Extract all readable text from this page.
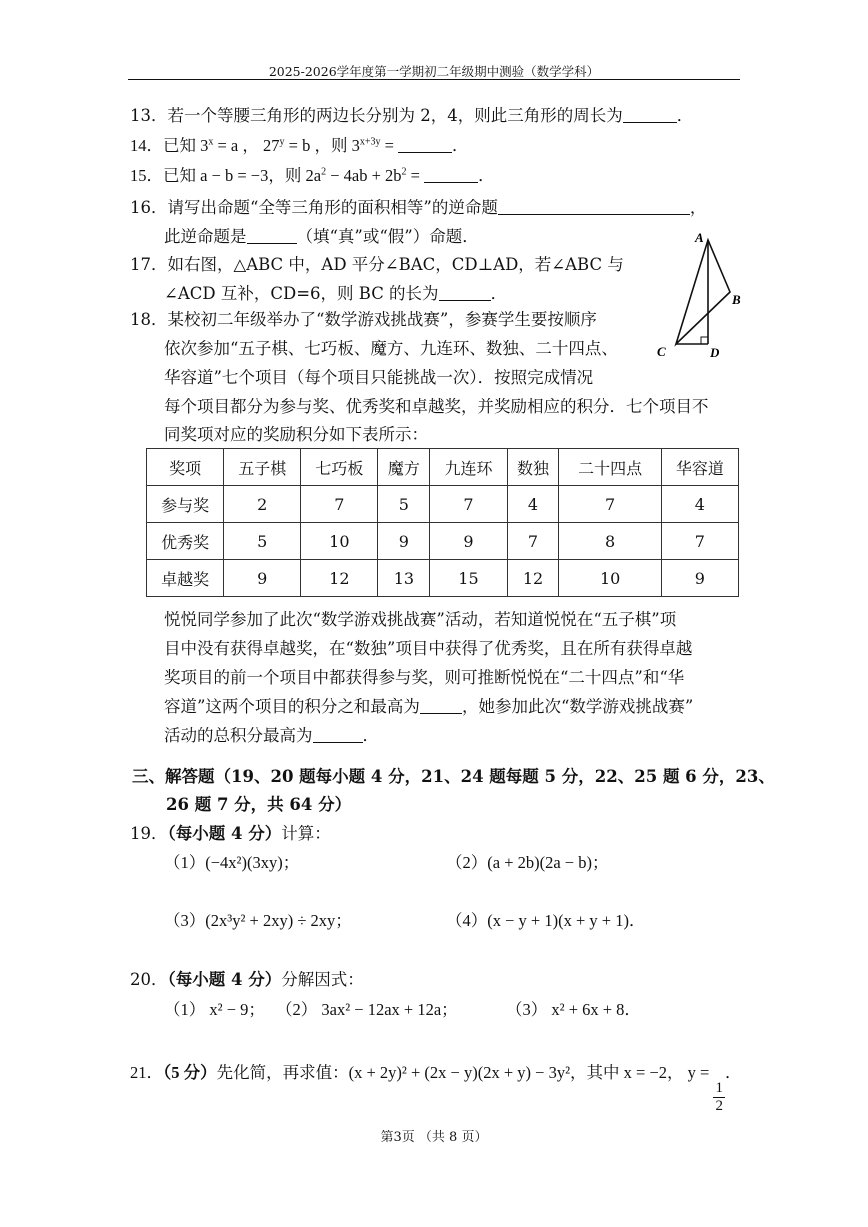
2025-2026学年度第一学期初二年级期中测验（数学学科）
13．若一个等腰三角形的两边长分别为 2，4，则此三角形的周长为	．
14．已知 $3^x = a$ ， $27^y = b$ ，则 $3^{x+3y}$ =	．
15．已知 a − b = −3，则 $2a^2 - 4ab + 2b^2$ =	．
16．请写出命题“全等三角形的面积相等”的逆命题	，
此逆命题是	（填“真”或“假”）命题．
17．如右图，△ABC 中，AD 平分∠BAC，CD⊥AD，若∠ABC 与
∠ACD 互补，CD=6，则 BC 的长为	．
A
B
C	D
18．某校初二年级举办了“数学游戏挑战赛”，参赛学生要按顺序
依次参加“五子棋、七巧板、魔方、九连环、数独、二十四点、
华容道”七个项目（每个项目只能挑战一次）．按照完成情况
每个项目都分为参与奖、优秀奖和卓越奖，并奖励相应的积分．七个项目不
同奖项对应的奖励积分如下表所示：
奖项	五子棋	七巧板	魔方	九连环	数独	二十四点	华容道
参与奖	2	7	5	7	4	7	4
优秀奖	5	10	9	9	7	8	7
卓越奖	9	12	13	15	12	10	9
悦悦同学参加了此次“数学游戏挑战赛”活动，若知道悦悦在“五子棋”项
目中没有获得卓越奖，在“数独”项目中获得了优秀奖，且在所有获得卓越
奖项目的前一个项目中都获得参与奖，则可推断悦悦在“二十四点”和“华
容道”这两个项目的积分之和最高为	，她参加此次“数学游戏挑战赛”
活动的总积分最高为	．
三、解答题（19、20 题每小题 4 分，21、24 题每题 5 分，22、25 题 6 分，23、
26 题 7 分，共 64 分）
19．（每小题 4 分）计算：
（1）(−4x²)(3xy)；	（2）(a + 2b)(2a − b)；
（3）(2x³y² + 2xy) ÷ 2xy；	（4）(x − y + 1)(x + y + 1)．
20．（每小题 4 分）分解因式：
（1） x² − 9； （2） 3ax² − 12ax + 12a；	（3） x² + 6x + 8．
21．（5 分）先化简，再求值：(x + 2y)² + (2x − y)(2x + y) − 3y²，其中 x = −2， y =
$\frac{1}{2}$
．
第3页 （共 8 页）
